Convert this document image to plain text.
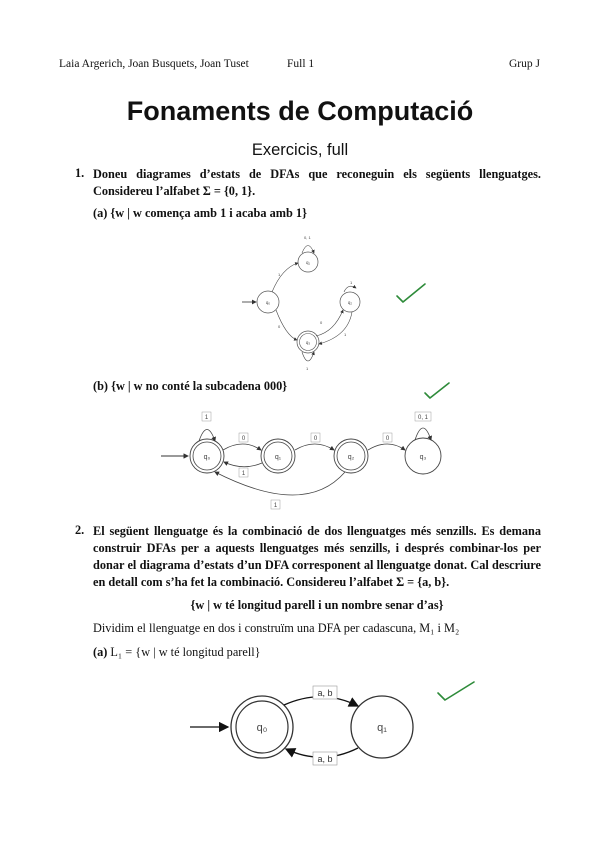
Laia Argerich, Joan Busquets, Joan Tuset	Full 1	Grup J
Fonaments de Computació
Exercicis, full
1. Doneu diagrames d’estats de DFAs que reconeguin els següents llenguatges. Considereu l’alfabet Σ = {0, 1}.
(a) {w | w comença amb 1 i acaba amb 1}
q₀
q₁
q₂
q₃
1
0, 1
0
1
0
1
1
(b) {w | w no conté la subcadena 000}
q₀	q₁	q₂	q₃
1
0	0	0
1
1
0, 1
2. El següent llenguatge és la combinació de dos llenguatges més senzills. Es demana construir DFAs per a aquests llenguatges més senzills, i després combinar-los per donar el diagrama d’estats d’un DFA corresponent al llenguatge donat. Cal descriure en detall com s’ha fet la combinació. Considereu l’alfabet Σ = {a, b}.
{w | w té longitud parell i un nombre senar d’as}
Dividim el llenguatge en dos i construïm una DFA per cadascuna, M₁ i M₂
(a) L₁ = {w | w té longitud parell}
q₀	q₁
a, b
a, b
